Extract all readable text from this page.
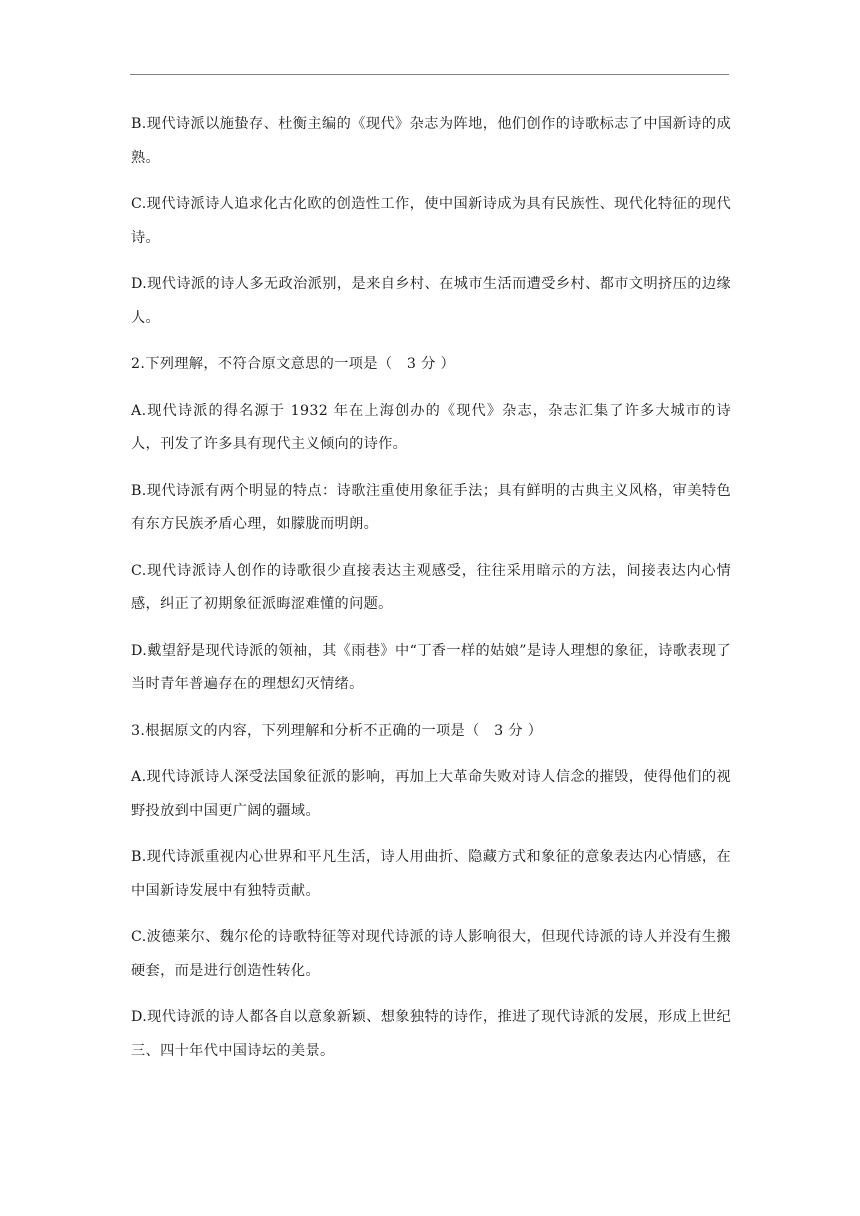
B.现代诗派以施蛰存、杜衡主编的《现代》杂志为阵地，他们创作的诗歌标志了中国新诗的成熟。

C.现代诗派诗人追求化古化欧的创造性工作，使中国新诗成为具有民族性、现代化特征的现代诗。

D.现代诗派的诗人多无政治派别，是来自乡村、在城市生活而遭受乡村、都市文明挤压的边缘人。

2.下列理解，不符合原文意思的一项是（　3 分 ）

A.现代诗派的得名源于 1932 年在上海创办的《现代》杂志，杂志汇集了许多大城市的诗人，刊发了许多具有现代主义倾向的诗作。

B.现代诗派有两个明显的特点：诗歌注重使用象征手法；具有鲜明的古典主义风格，审美特色有东方民族矛盾心理，如朦胧而明朗。

C.现代诗派诗人创作的诗歌很少直接表达主观感受，往往采用暗示的方法，间接表达内心情感，纠正了初期象征派晦涩难懂的问题。

D.戴望舒是现代诗派的领袖，其《雨巷》中“丁香一样的姑娘”是诗人理想的象征，诗歌表现了当时青年普遍存在的理想幻灭情绪。

3.根据原文的内容，下列理解和分析不正确的一项是（　3 分 ）

A.现代诗派诗人深受法国象征派的影响，再加上大革命失败对诗人信念的摧毁，使得他们的视野投放到中国更广阔的疆域。

B.现代诗派重视内心世界和平凡生活，诗人用曲折、隐藏方式和象征的意象表达内心情感，在中国新诗发展中有独特贡献。

C.波德莱尔、魏尔伦的诗歌特征等对现代诗派的诗人影响很大，但现代诗派的诗人并没有生搬硬套，而是进行创造性转化。

D.现代诗派的诗人都各自以意象新颖、想象独特的诗作，推进了现代诗派的发展，形成上世纪三、四十年代中国诗坛的美景。
